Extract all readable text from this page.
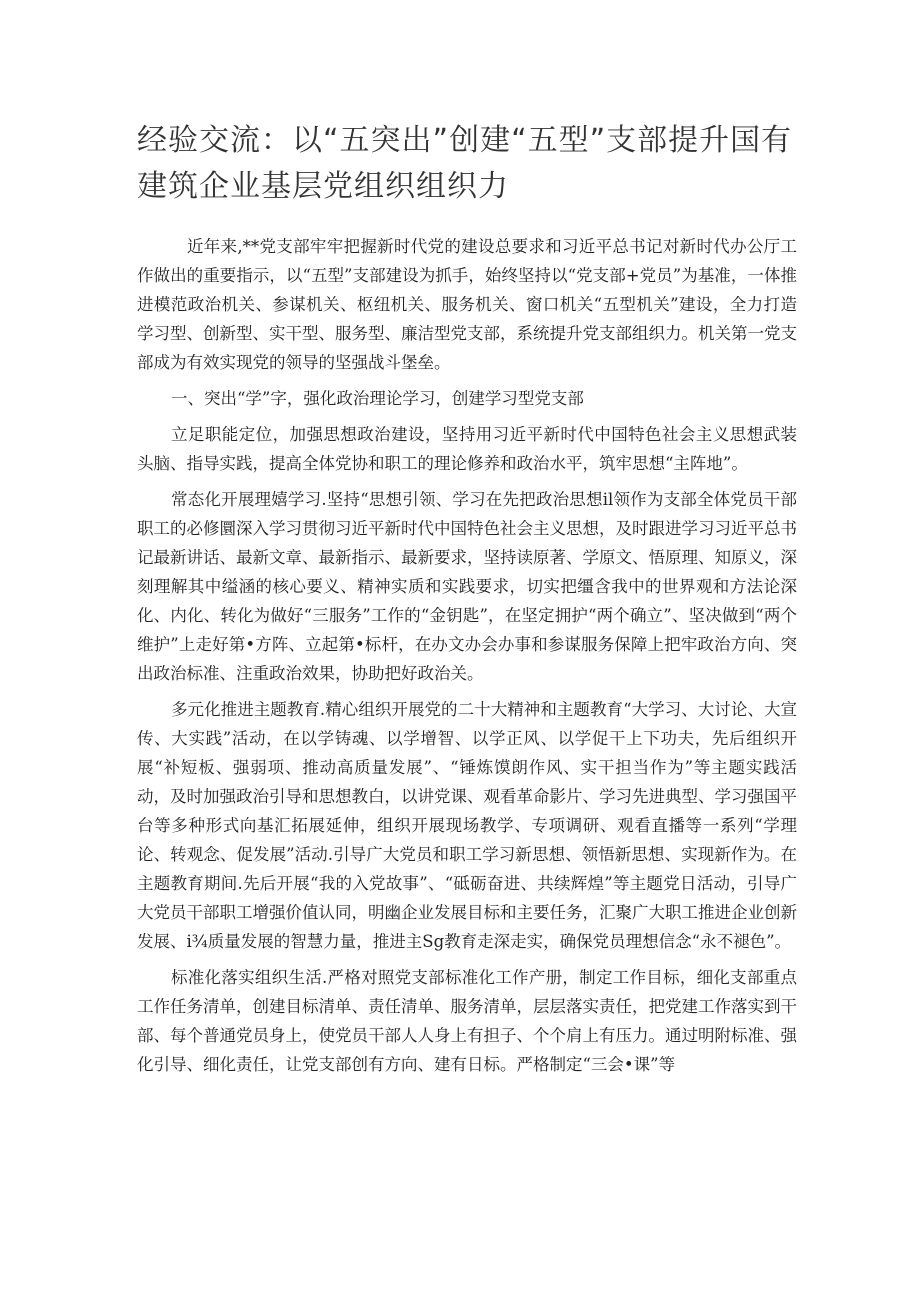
经验交流：以“五突出”创建“五型”支部提升国有建筑企业基层党组织组织力

近年来,**党支部牢牢把握新时代党的建设总要求和习近平总书记对新时代办公厅工作做出的重要指示，以“五型”支部建设为抓手，始终坚持以“党支部+党员”为基准，一体推进模范政治机关、参谋机关、枢纽机关、服务机关、窗口机关“五型机关”建设，全力打造学习型、创新型、实干型、服务型、廉洁型党支部，系统提升党支部组织力。机关第一党支部成为有效实现党的领导的坚强战斗堡垒。

一、突出“学”字，强化政治理论学习，创建学习型党支部

立足职能定位，加强思想政治建设，坚持用习近平新时代中国特色社会主义思想武装头脑、指导实践，提高全体党协和职工的理论修养和政治水平，筑牢思想“主阵地”。

常态化开展理嬉学习.坚持“思想引领、学习在先把政治思想il领作为支部全体党员干部职工的必修圜深入学习贯彻习近平新时代中国特色社会主义思想，及时跟进学习习近平总书记最新讲话、最新文章、最新指示、最新要求，坚持读原著、学原文、悟原理、知原义，深刻理解其中缢涵的核心要义、精神实质和实践要求，切实把缰含我中的世界观和方法论深化、内化、转化为做好“三服务”工作的“金钥匙”，在坚定拥护“两个确立”、坚决做到“两个维护”上走好第•方阵、立起第•标杆，在办文办会办事和参谋服务保障上把牢政治方向、突出政治标准、注重政治效果，协助把好政治关。

多元化推进主题教育.精心组织开展党的二十大精神和主题教育“大学习、大讨论、大宣传、大实践”活动，在以学铸魂、以学增智、以学正风、以学促干上下功夫，先后组织开展“补短板、强弱项、推动高质量发展”、“锤炼馍朗作风、实干担当作为”等主题实践活动，及时加强政治引导和思想教白，以讲党课、观看革命影片、学习先进典型、学习强国平台等多种形式向基汇拓展延伸，组织开展现场教学、专项调研、观看直播等一系列“学理论、转观念、促发展”活动.引导广大党员和职工学习新思想、领悟新思想、实现新作为。在主题教育期间.先后开展“我的入党故事”、“砥砺奋进、共续辉煌”等主题党日活动，引导广大党员干部职工增强价值认同，明幽企业发展目标和主要任务，汇聚广大职工推进企业创新发展、i¾质量发展的智慧力量，推进主Sg教育走深走实，确保党员理想信念“永不褪色”。

标准化落实组织生活.严格对照党支部标准化工作产册，制定工作目标，细化支部重点工作任务清单，创建目标清单、责任清单、服务清单，层层落实责任，把党建工作落实到干部、每个普通党员身上，使党员干部人人身上有担子、个个肩上有压力。通过明附标准、强化引导、细化责任，让党支部创有方向、建有日标。严格制定“三会•课”等
